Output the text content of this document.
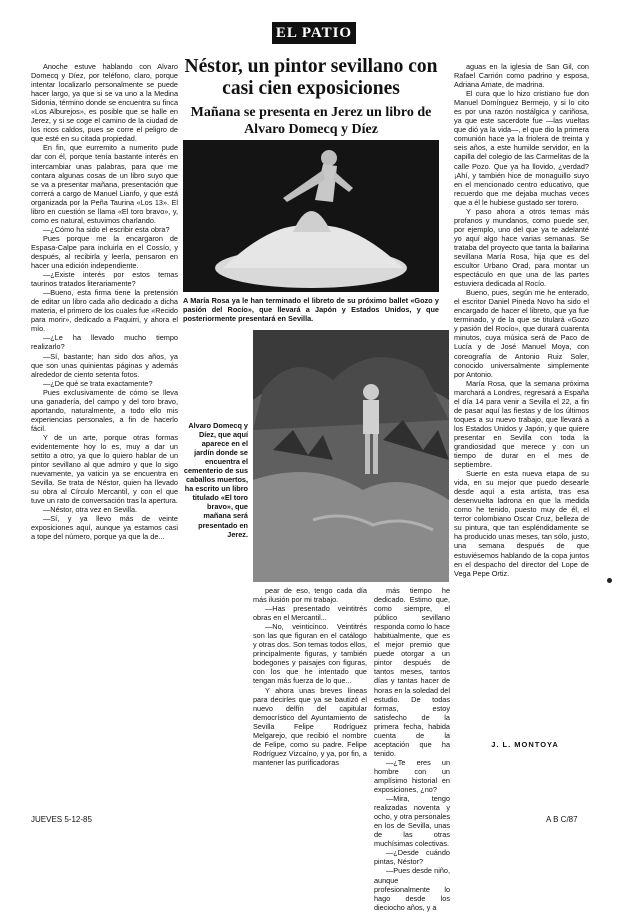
EL PATIO
Néstor, un pintor sevillano con casi cien exposiciones
Mañana se presenta en Jerez un libro de Alvaro Domecq y Díez
A María Rosa ya le han terminado el libreto de su próximo ballet «Gozo y pasión del Rocío», que llevará a Japón y Estados Unidos, y que posteriormente presentará en Sevilla.
Alvaro Domecq y Díez, que aquí aparece en el jardín donde se encuentra el cementerio de sus caballos muertos, ha escrito un libro titulado «El toro bravo», que mañana será presentado en Jerez.

Anoche estuve hablando con Alvaro Domecq y Díez, por teléfono, claro, porque intentar localizarlo personalmente se puede hacer largo, ya que si se va uno a la Medina Sidonia, término donde se encuentra su finca «Los Alburejos», es posible que se halle en Jerez, y si se coge el camino de la ciudad de los ricos caldos, pues se corre el peligro de que esté en su citada propiedad.

En fin, que eurremito a numerito pude dar con él, porque tenía bastante interés en intercambiar unas palabras, para que me contara algunas cosas de un libro suyo que se va a presentar mañana, presentación que correrá a cargo de Manuel Lianfo, y que está organizada por la Peña Taurina «Los 13». El libro en cuestión se llama «El toro bravo», y, como es natural, estuvimos charlando.

—¿Cómo ha sido el escribir esta obra?

Pues porque me la encargaron de Espasa-Calpe para incluirla en el Cossío, y después, al recibirla y leerla, pensaron en hacer una edición independiente.

—¿Existe interés por estos temas taurinos tratados literariamente?

—Bueno, esta firma tiene la pretensión de editar un libro cada año dedicado a dicha materia, el primero de los cuales fue «Recido para morir», dedicado a Paquirri, y ahora el mío.

—¿Le ha llevado mucho tiempo realizarlo?

—Sí, bastante; han sido dos años, ya que son unas quinientas páginas y además alrededor de ciento setenta fotos.

—¿De qué se trata exactamente?

Pues exclusivamente de cómo se lleva una ganadería, del campo y del toro bravo, aportando, naturalmente, a todo ello mis experiencias personales, a fin de hacerlo fácil.

Y de un arte, porque otras formas evidentemente hoy lo es, muy a dar un settito a otro, ya que lo quiero hablar de un pintor sevillano al que admiro y que lo sigo nuevamente, ya vaticin ya se encuentra en Sevilla. Se trata de Néstor, quien ha llevado su obra al Círculo Mercantil, y con el que tuve un rato de conversación tras la apertura.

—Néstor, otra vez en Sevilla.

—Sí, y ya llevo más de veinte exposiciones aquí, aunque ya estamos casi a tope del número, porque ya que la de...

pear de eso, tengo cada día más ilusión por mi trabajo.

—Has presentado veintitrés obras en el Mercantil...

—No, veinticinco. Veintitrés son las que figuran en el catálogo y otras dos. Son temas todos ellos, principalmente figuras, y también bodegones y paisajes con figuras, con los que he intentado que tengan más fuerza de lo que...

Y ahora unas breves líneas para decirles que ya se bautizó el nuevo delfín del capitular democrístico del Ayuntamiento de Sevilla Felipe Rodríguez Melgarejo, que recibió el nombre de Felipe, como su padre. Felipe Rodríguez Vizcaíno, y ya, por fin, a mantener las purificadoras

más tiempo he dedicado. Estimo que, como siempre, el público sevillano responda como lo hace habitualmente, que es el mejor premio que puede otorgar a un pintor después de tantos meses, tantos días y tantas hacer de horas en la soledad del estudio. De todas formas, estoy satisfecho de la primera fecha, habida cuenta de la aceptación que ha tenido.

—¿Te eres un hombre con un amplísimo historial en exposiciones, ¿no?

—Mira, tengo realizadas noventa y ocho, y otra personales en los de Sevilla, unas de las otras muchísimas colectivas.

—¿Desde cuándo pintas, Néstor?

—Pues desde niño, aunque profesionalmente lo hago desde los dieciocho años, y a

aguas en la iglesia de San Gil, con Rafael Carrión como padrino y esposa, Adriana Amate, de madrina.

El cura que lo hizo cristiano fue don Manuel Domínguez Bermejo, y si lo cito es por una razón nostálgica y cariñosa, ya que este sacerdote fue —las vueltas que dió ya la vida—, el que dio la primera comunión hace ya la friolera de treinta y seis años, a este humilde servidor, en la capilla del colegio de las Carmelitas de la calle Pozo. Que ya ha llovido, ¿verdad? ¡Ahí, y también hice de monaguillo suyo en el mencionado centro educativo, que recuerdo que me dejaba muchas veces que a él le hubiese gustado ser torero.

Y paso ahora a otros temas más profanos y mundanos, como puede ser, por ejemplo, uno del que ya te adelanté yo aquí algo hace varias semanas. Se trataba del proyecto que tanta la bailarina sevillana María Rosa, hija que es del escultor Urbano Orad, para montar un espectáculo en que una de las partes estuviera dedicada al Rocío.

Bueno, pues, según me he enterado, el escritor Daniel Pineda Novo ha sido el encargado de hacer el libreto, que ya fue terminado, y de la que se titulará «Gozo y pasión del Rocío», que durará cuarenta minutos, cuya música será de Paco de Lucía y de José Manuel Moya, con coreografía de Antonio Ruiz Soler, conocido universalmente simplemente por Antonio.

María Rosa, que la semana próxima marchará a Londres, regresará a España el día 14 para venir a Sevilla el 22, a fin de pasar aquí las fiestas y de los últimos toques a su nuevo trabajo, que llevará a los Estados Unidos y Japón, y que quiere presentar en Sevilla con toda la grandiosidad que merece y con un tiempo de durar en el mes de septiembre.

Suerte en esta nueva etapa de su vida, en su mejor que puedo desearle desde aquí a esta artista, tras esa desenvuelta ladrona en que la medida como he tenido, puesto muy de él, el terror colombiano Oscar Cruz, belleza de su pintura, que tan espléndidamente se ha producido unas meses, tan sólo, justo, una semana después de que estuviésemos hablando de la copa juntos en el despacho del director del Lope de Vega Pepe Ortiz.

J. L. MONTOYA
JUEVES 5-12-85	A B C/87
